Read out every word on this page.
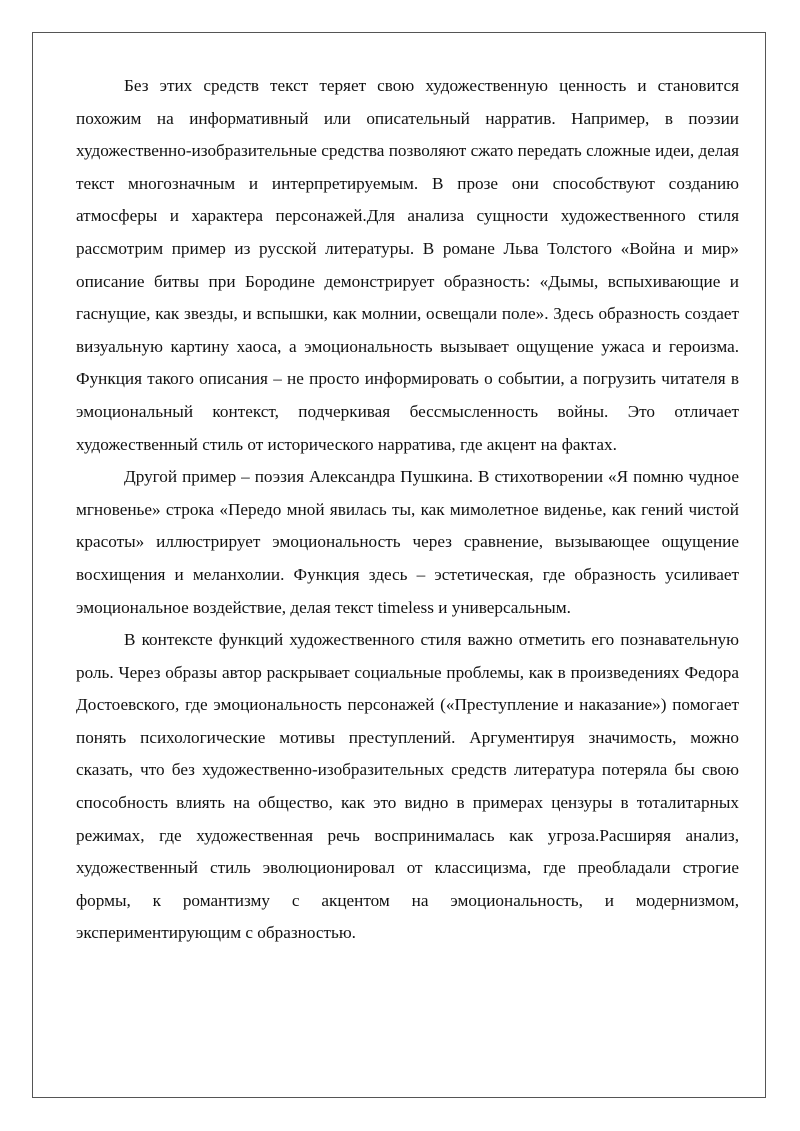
Без этих средств текст теряет свою художественную ценность и становится похожим на информативный или описательный нарратив. Например, в поэзии художественно-изобразительные средства позволяют сжато передать сложные идеи, делая текст многозначным и интерпретируемым. В прозе они способствуют созданию атмосферы и характера персонажей.Для анализа сущности художественного стиля рассмотрим пример из русской литературы. В романе Льва Толстого «Война и мир» описание битвы при Бородине демонстрирует образность: «Дымы, вспыхивающие и гаснущие, как звезды, и вспышки, как молнии, освещали поле». Здесь образность создает визуальную картину хаоса, а эмоциональность вызывает ощущение ужаса и героизма. Функция такого описания – не просто информировать о событии, а погрузить читателя в эмоциональный контекст, подчеркивая бессмысленность войны. Это отличает художественный стиль от исторического нарратива, где акцент на фактах.

Другой пример – поэзия Александра Пушкина. В стихотворении «Я помню чудное мгновенье» строка «Передо мной явилась ты, как мимолетное виденье, как гений чистой красоты» иллюстрирует эмоциональность через сравнение, вызывающее ощущение восхищения и меланхолии. Функция здесь – эстетическая, где образность усиливает эмоциональное воздействие, делая текст timeless и универсальным.

В контексте функций художественного стиля важно отметить его познавательную роль. Через образы автор раскрывает социальные проблемы, как в произведениях Федора Достоевского, где эмоциональность персонажей («Преступление и наказание») помогает понять психологические мотивы преступлений. Аргументируя значимость, можно сказать, что без художественно-изобразительных средств литература потеряла бы свою способность влиять на общество, как это видно в примерах цензуры в тоталитарных режимах, где художественная речь воспринималась как угроза.Расширяя анализ, художественный стиль эволюционировал от классицизма, где преобладали строгие формы, к романтизму с акцентом на эмоциональность, и модернизмом, экспериментирующим с образностью.
